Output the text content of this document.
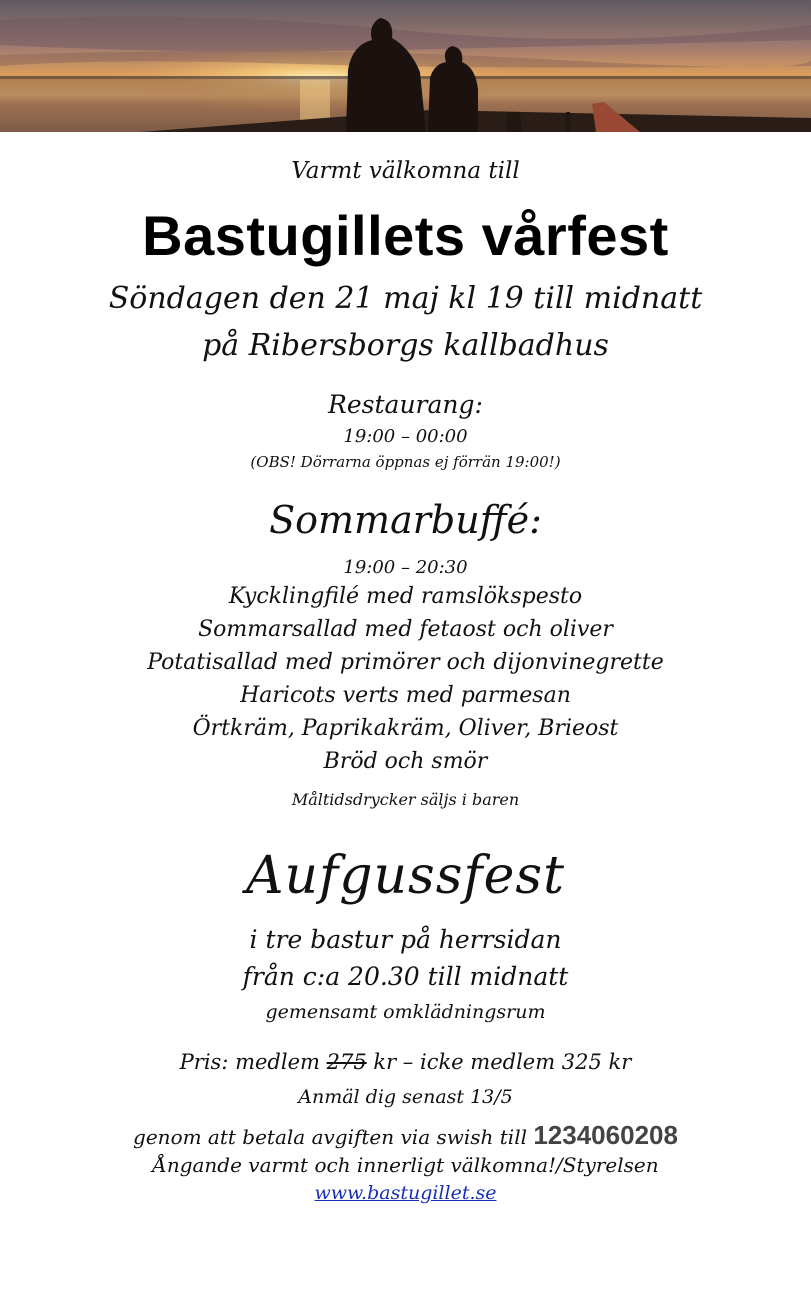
Varmt välkomna till
Bastugillets vårfest
Söndagen den 21 maj kl 19 till midnatt
på Ribersborgs kallbadhus
Restaurang:
19:00 – 00:00
(OBS! Dörrarna öppnas ej förrän 19:00!)
Sommarbuffé:
19:00 – 20:30
Kycklingfilé med ramslökspesto
Sommarsallad med fetaost och oliver
Potatisallad med primörer och dijonvinegrette
Haricots verts med parmesan
Örtkräm, Paprikakräm, Oliver, Brieost
Bröd och smör
Måltidsdrycker säljs i baren
Aufgussfest
i tre bastur på herrsidan
från c:a 20.30 till midnatt
gemensamt omklädningsrum
Pris: medlem 275 kr – icke medlem 325 kr
Anmäl dig senast 13/5
genom att betala avgiften via swish till 1234060208
Ångande varmt och innerligt välkomna!/Styrelsen
www.bastugillet.se
